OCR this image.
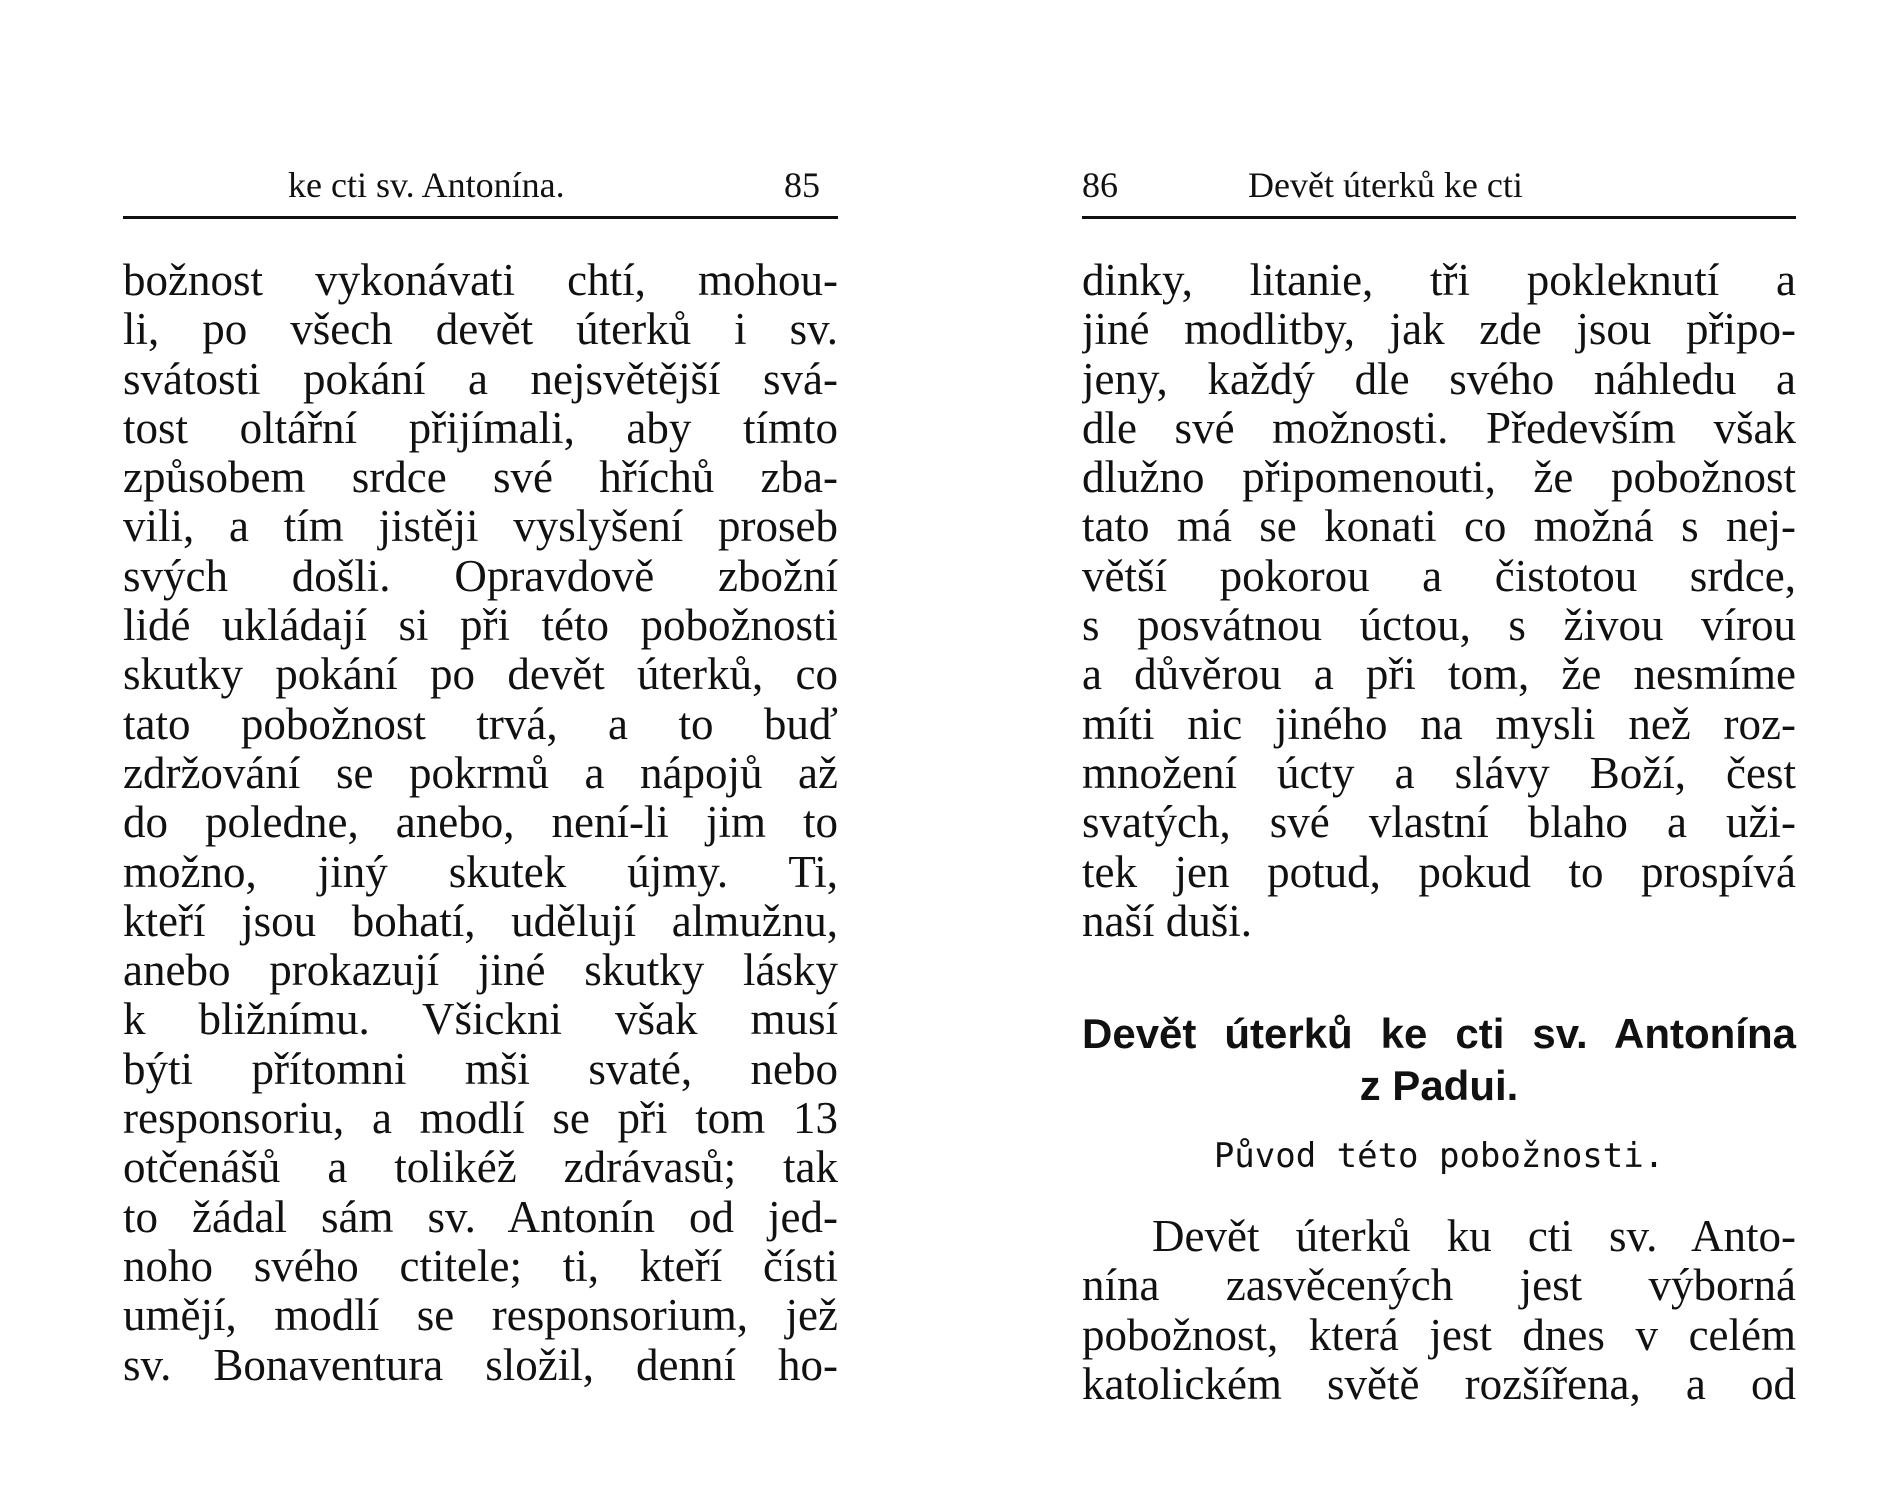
ke cti sv. Antonína.	85
božnost vykonávati chtí, mohou-
li, po všech devět úterků i sv.
svátosti pokání a nejsvětější svá-
tost oltářní přijímali, aby tímto
způsobem srdce své hříchů zba-
vili, a tím jistěji vyslyšení proseb
svých došli. Opravdově zbožní
lidé ukládají si při této pobožnosti
skutky pokání po devět úterků, co
tato pobožnost trvá, a to buď
zdržování se pokrmů a nápojů až
do poledne, anebo, není-li jim to
možno, jiný skutek újmy. Ti,
kteří jsou bohatí, udělují almužnu,
anebo prokazují jiné skutky lásky
k bližnímu. Všickni však musí
býti přítomni mši svaté, nebo
responsoriu, a modlí se při tom 13
otčenášů a tolikéž zdrávasů; tak
to žádal sám sv. Antonín od jed-
noho svého ctitele; ti, kteří čísti
umějí, modlí se responsorium, jež
sv. Bonaventura složil, denní ho-
86	Devět úterků ke cti
dinky, litanie, tři pokleknutí a
jiné modlitby, jak zde jsou připo-
jeny, každý dle svého náhledu a
dle své možnosti. Především však
dlužno připomenouti, že pobožnost
tato má se konati co možná s nej-
větší pokorou a čistotou srdce,
s posvátnou úctou, s živou vírou
a důvěrou a při tom, že nesmíme
míti nic jiného na mysli než roz-
množení úcty a slávy Boží, čest
svatých, své vlastní blaho a uži-
tek jen potud, pokud to prospívá
naší duši.
Devět úterků ke cti sv. Antonína
z Padui.
Původ této pobožnosti.
Devět úterků ku cti sv. Anto-
nína zasvěcených jest výborná
pobožnost, která jest dnes v celém
katolickém světě rozšířena, a od
